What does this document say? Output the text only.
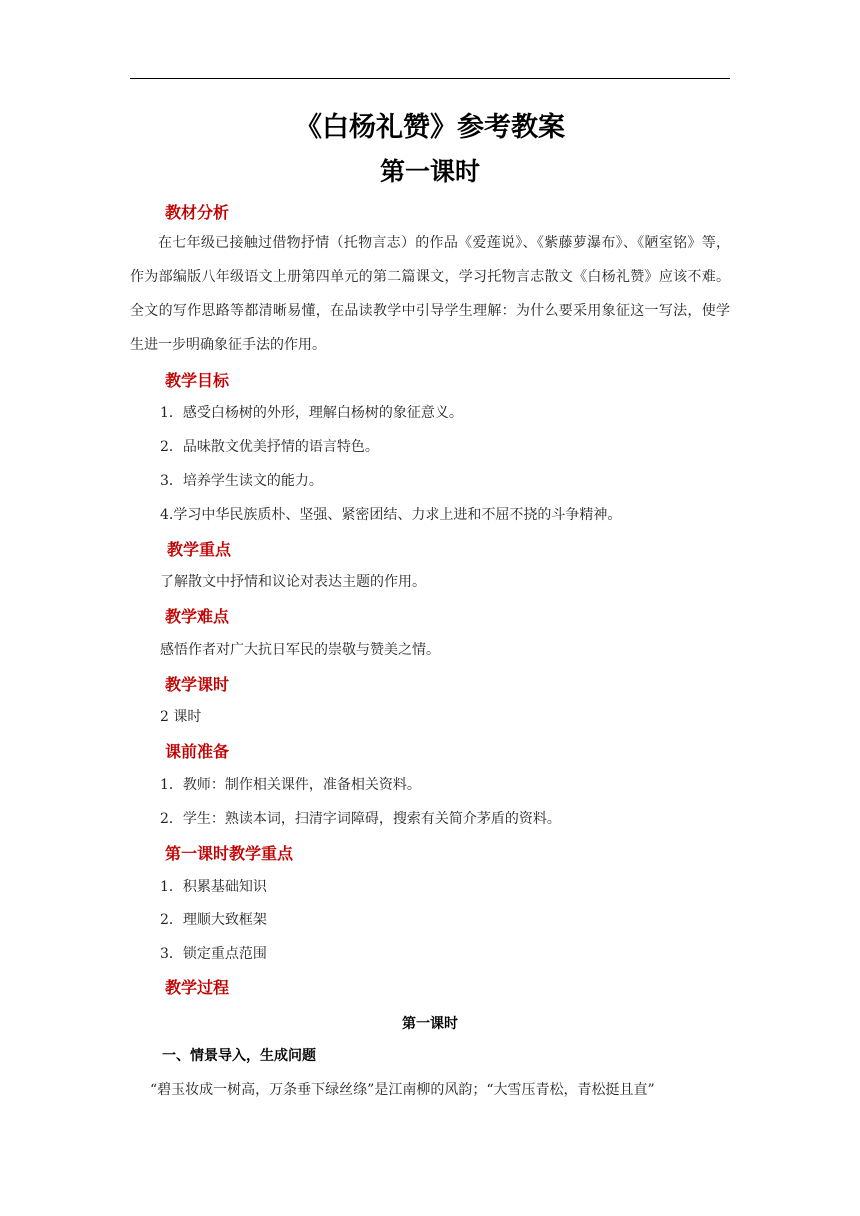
《白杨礼赞》参考教案
第一课时
教材分析
在七年级已接触过借物抒情（托物言志）的作品《爱莲说》、《紫藤萝瀑布》、《陋室铭》等，作为部编版八年级语文上册第四单元的第二篇课文，学习托物言志散文《白杨礼赞》应该不难。全文的写作思路等都清晰易懂，在品读教学中引导学生理解：为什么要采用象征这一写法，使学生进一步明确象征手法的作用。
教学目标
1．感受白杨树的外形，理解白杨树的象征意义。
2．品味散文优美抒情的语言特色。
3．培养学生读文的能力。
4.学习中华民族质朴、坚强、紧密团结、力求上进和不屈不挠的斗争精神。
教学重点
了解散文中抒情和议论对表达主题的作用。
教学难点
感悟作者对广大抗日军民的崇敬与赞美之情。
教学课时
2 课时
课前准备
1．教师：制作相关课件，准备相关资料。
2．学生：熟读本词，扫清字词障碍，搜索有关简介茅盾的资料。
第一课时教学重点
1．积累基础知识
2．理顺大致框架
3．锁定重点范围
教学过程
第一课时
一、情景导入，生成问题
“碧玉妆成一树高，万条垂下绿丝绦”是江南柳的风韵；“大雪压青松，青松挺且直”
